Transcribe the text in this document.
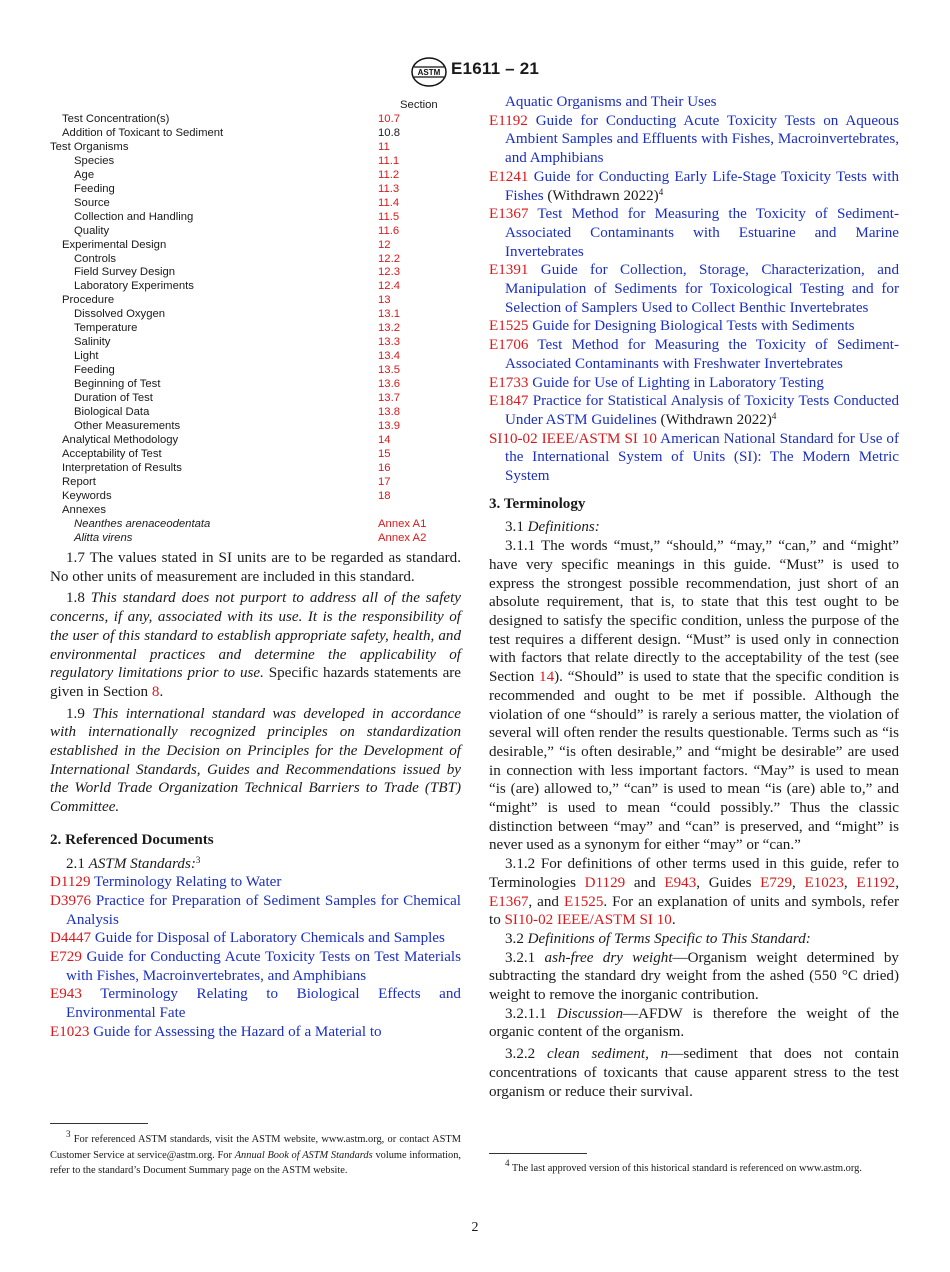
ASTM E1611 – 21
Section
Test Concentration(s)	10.7
Addition of Toxicant to Sediment	10.8
Test Organisms	11
Species	11.1
Age	11.2
Feeding	11.3
Source	11.4
Collection and Handling	11.5
Quality	11.6
Experimental Design	12
Controls	12.2
Field Survey Design	12.3
Laboratory Experiments	12.4
Procedure	13
Dissolved Oxygen	13.1
Temperature	13.2
Salinity	13.3
Light	13.4
Feeding	13.5
Beginning of Test	13.6
Duration of Test	13.7
Biological Data	13.8
Other Measurements	13.9
Analytical Methodology	14
Acceptability of Test	15
Interpretation of Results	16
Report	17
Keywords	18
Annexes
Neanthes arenaceodentata	Annex A1
Alitta virens	Annex A2

1.7 The values stated in SI units are to be regarded as standard. No other units of measurement are included in this standard.

1.8 This standard does not purport to address all of the safety concerns, if any, associated with its use. It is the responsibility of the user of this standard to establish appropriate safety, health, and environmental practices and determine the applicability of regulatory limitations prior to use. Specific hazards statements are given in Section 8.

1.9 This international standard was developed in accordance with internationally recognized principles on standardization established in the Decision on Principles for the Development of International Standards, Guides and Recommendations issued by the World Trade Organization Technical Barriers to Trade (TBT) Committee.

2. Referenced Documents

2.1 ASTM Standards:$^3$

D1129 Terminology Relating to Water

D3976 Practice for Preparation of Sediment Samples for Chemical Analysis

D4447 Guide for Disposal of Laboratory Chemicals and Samples

E729 Guide for Conducting Acute Toxicity Tests on Test Materials with Fishes, Macroinvertebrates, and Amphibians

E943 Terminology Relating to Biological Effects and Environmental Fate

E1023 Guide for Assessing the Hazard of a Material to

$^3$ For referenced ASTM standards, visit the ASTM website, www.astm.org, or contact ASTM Customer Service at service@astm.org. For Annual Book of ASTM Standards volume information, refer to the standard’s Document Summary page on the ASTM website.

Aquatic Organisms and Their Uses

E1192 Guide for Conducting Acute Toxicity Tests on Aqueous Ambient Samples and Effluents with Fishes, Macroinvertebrates, and Amphibians

E1241 Guide for Conducting Early Life-Stage Toxicity Tests with Fishes (Withdrawn 2022)$^4$

E1367 Test Method for Measuring the Toxicity of Sediment-Associated Contaminants with Estuarine and Marine Invertebrates

E1391 Guide for Collection, Storage, Characterization, and Manipulation of Sediments for Toxicological Testing and for Selection of Samplers Used to Collect Benthic Invertebrates

E1525 Guide for Designing Biological Tests with Sediments

E1706 Test Method for Measuring the Toxicity of Sediment-Associated Contaminants with Freshwater Invertebrates

E1733 Guide for Use of Lighting in Laboratory Testing

E1847 Practice for Statistical Analysis of Toxicity Tests Conducted Under ASTM Guidelines (Withdrawn 2022)$^4$

SI10-02 IEEE/ASTM SI 10 American National Standard for Use of the International System of Units (SI): The Modern Metric System

3. Terminology

3.1 Definitions:

3.1.1 The words “must,” “should,” “may,” “can,” and “might” have very specific meanings in this guide. “Must” is used to express the strongest possible recommendation, just short of an absolute requirement, that is, to state that this test ought to be designed to satisfy the specific condition, unless the purpose of the test requires a different design. “Must” is used only in connection with factors that relate directly to the acceptability of the test (see Section 14). “Should” is used to state that the specific condition is recommended and ought to be met if possible. Although the violation of one “should” is rarely a serious matter, the violation of several will often render the results questionable. Terms such as “is desirable,” “is often desirable,” and “might be desirable” are used in connection with less important factors. “May” is used to mean “is (are) allowed to,” “can” is used to mean “is (are) able to,” and “might” is used to mean “could possibly.” Thus the classic distinction between “may” and “can” is preserved, and “might” is never used as a synonym for either “may” or “can.”

3.1.2 For definitions of other terms used in this guide, refer to Terminologies D1129 and E943, Guides E729, E1023, E1192, E1367, and E1525. For an explanation of units and symbols, refer to SI10-02 IEEE/ASTM SI 10.

3.2 Definitions of Terms Specific to This Standard:

3.2.1 ash-free dry weight—Organism weight determined by subtracting the standard dry weight from the ashed (550 °C dried) weight to remove the inorganic contribution.

3.2.1.1 Discussion—AFDW is therefore the weight of the organic content of the organism.

3.2.2 clean sediment, n—sediment that does not contain concentrations of toxicants that cause apparent stress to the test organism or reduce their survival.

$^4$ The last approved version of this historical standard is referenced on www.astm.org.
2
